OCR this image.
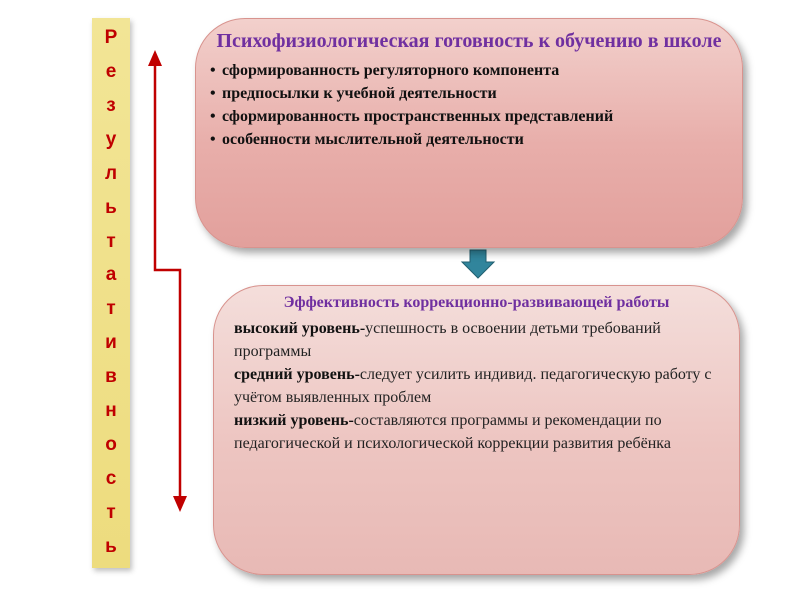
Р
е
з
у
л
ь
т
а
т
и
в
н
о
с
т
ь
Психофизиологическая готовность к обучению в школе
• сформированность регуляторного компонента
• предпосылки к учебной деятельности
• сформированность пространственных представлений
• особенности мыслительной деятельности
Эффективность коррекционно-развивающей работы

высокий уровень-успешность в освоении детьми требований программы

средний уровень-следует усилить индивид. педагогическую работу с учётом выявленных проблем

низкий уровень-составляются программы и рекомендации по педагогической и психологической коррекции развития ребёнка
